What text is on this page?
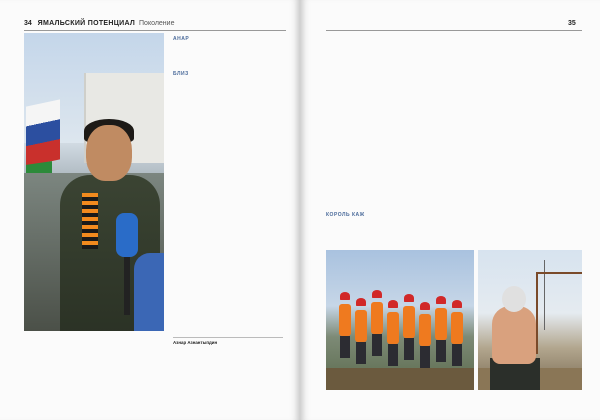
34 ЯМАЛЬСКИЙ ПОТЕНЦИАЛ Поколение
АНАР
БЛИЗ
Азнар Азнантыпдин
35
КОРОЛЬ КАЖ
